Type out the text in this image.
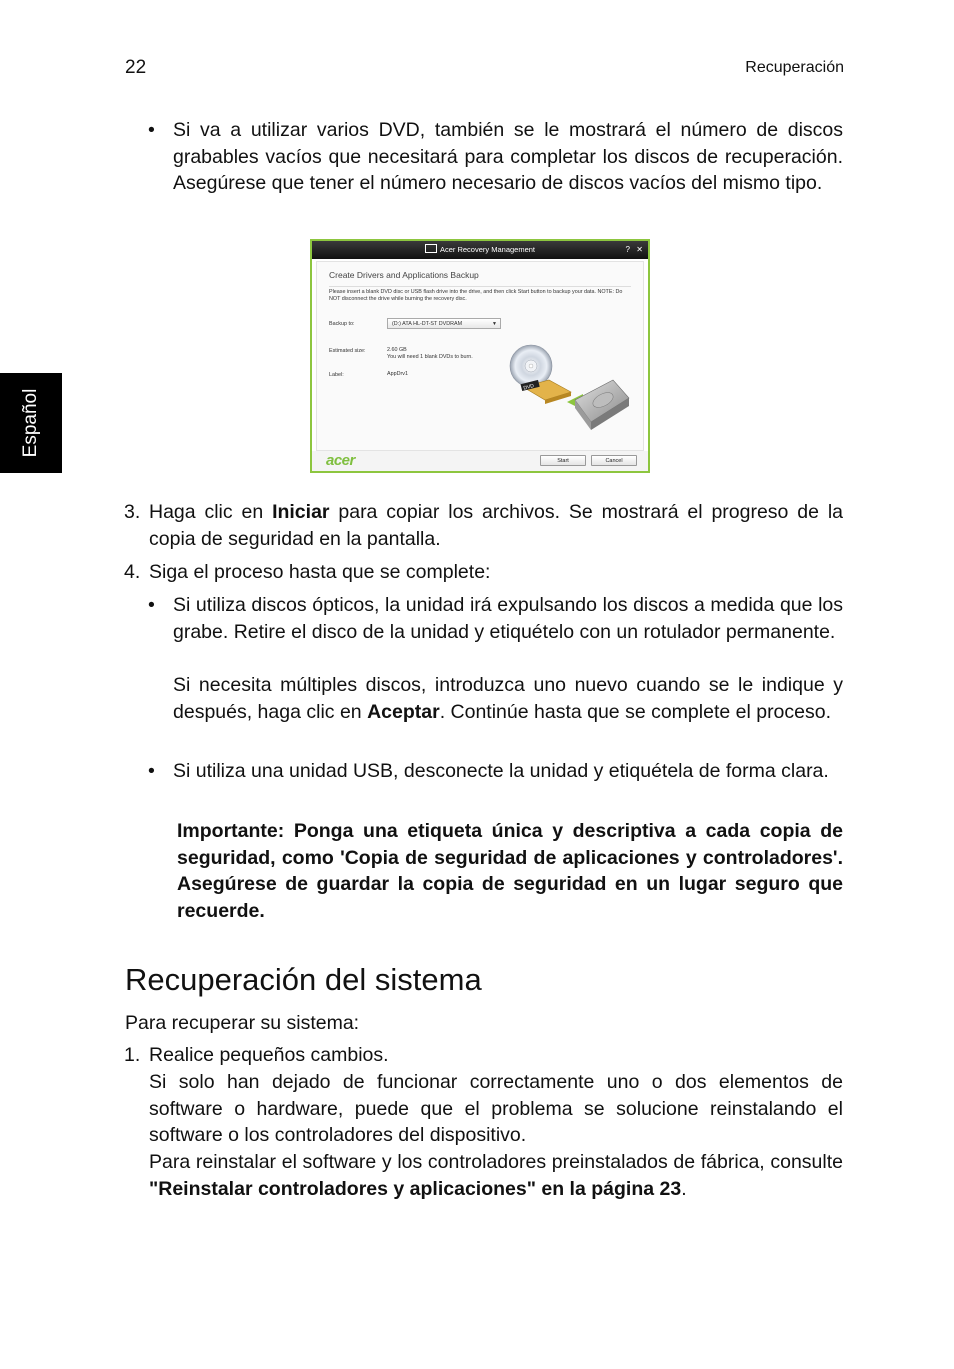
22	Recuperación
Español
• Si va a utilizar varios DVD, también se le mostrará el número de discos grabables vacíos que necesitará para completar los discos de recuperación. Asegúrese que tener el número necesario de discos vacíos del mismo tipo.

Acer Recovery Management	? ✕
Create Drivers and Applications Backup
Please insert a blank DVD disc or USB flash drive into the drive, and then click Start button to backup your data. NOTE: Do NOT disconnect the drive while burning the recovery disc.
Backup to:	(D:) ATA HL-DT-ST DVDRAM	▼
Estimated size:	2.60 GB
You will need 1 blank DVDs to burn.
Label:	AppDrv1
DVD
acer	Start	Cancel
3. Haga clic en Iniciar para copiar los archivos. Se mostrará el progreso de la copia de seguridad en la pantalla.

4. Siga el proceso hasta que se complete:

• Si utiliza discos ópticos, la unidad irá expulsando los discos a medida que los grabe. Retire el disco de la unidad y etiquételo con un rotulador permanente.

Si necesita múltiples discos, introduzca uno nuevo cuando se le indique y después, haga clic en Aceptar. Continúe hasta que se complete el proceso.

• Si utiliza una unidad USB, desconecte la unidad y etiquétela de forma clara.

Importante: Ponga una etiqueta única y descriptiva a cada copia de seguridad, como 'Copia de seguridad de aplicaciones y controladores'. Asegúrese de guardar la copia de seguridad en un lugar seguro que recuerde.

Recuperación del sistema

Para recuperar su sistema:

1. Realice pequeños cambios.

Si solo han dejado de funcionar correctamente uno o dos elementos de software o hardware, puede que el problema se solucione reinstalando el software o los controladores del dispositivo.

Para reinstalar el software y los controladores preinstalados de fábrica, consulte "Reinstalar controladores y aplicaciones" en la página 23.
